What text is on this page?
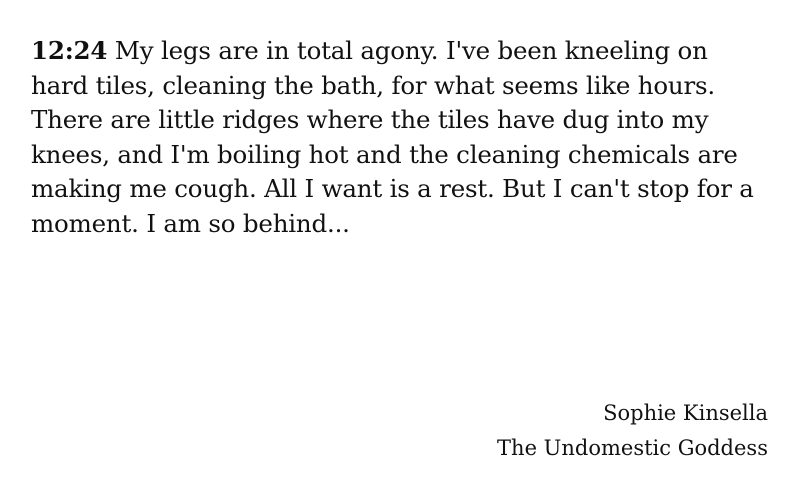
12:24 My legs are in total agony. I've been kneeling on hard tiles, cleaning the bath, for what seems like hours. There are little ridges where the tiles have dug into my knees, and I'm boiling hot and the cleaning chemicals are making me cough. All I want is a rest. But I can't stop for a moment. I am so behind...

Sophie Kinsella
The Undomestic Goddess
